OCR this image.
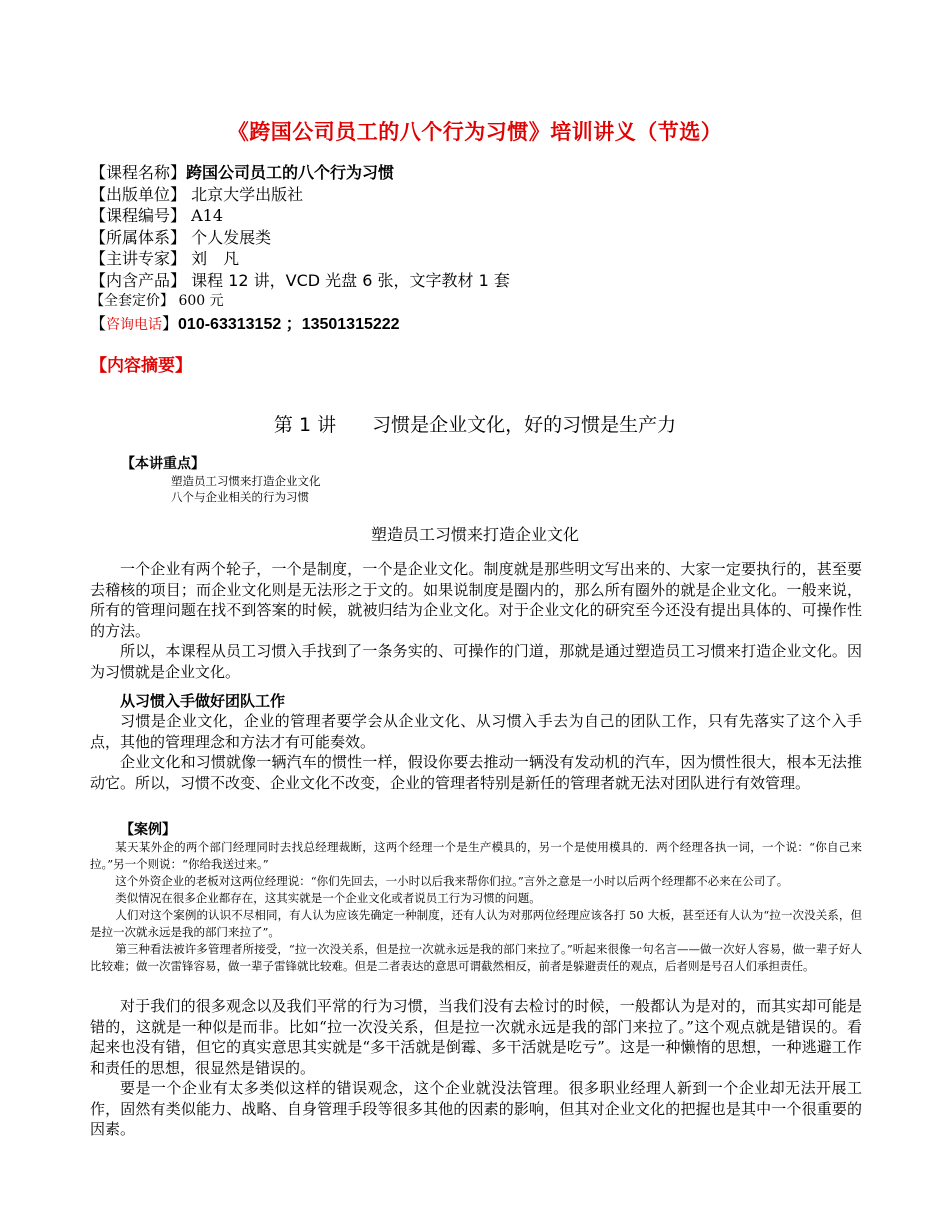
《跨国公司员工的八个行为习惯》培训讲义（节选）
【课程名称】跨国公司员工的八个行为习惯
【出版单位】 北京大学出版社
【课程编号】 A14
【所属体系】 个人发展类
【主讲专家】 刘　凡
【内含产品】 课程 12 讲，VCD 光盘 6 张，文字教材 1 套
【全套定价】 600 元
【咨询电话】010-63313152 ；13501315222
【内容摘要】
第 1 讲 习惯是企业文化，好的习惯是生产力
【本讲重点】
塑造员工习惯来打造企业文化
八个与企业相关的行为习惯
塑造员工习惯来打造企业文化

一个企业有两个轮子，一个是制度，一个是企业文化。制度就是那些明文写出来的、大家一定要执行的，甚至要去稽核的项目；而企业文化则是无法形之于文的。如果说制度是圈内的，那么所有圈外的就是企业文化。一般来说，所有的管理问题在找不到答案的时候，就被归结为企业文化。对于企业文化的研究至今还没有提出具体的、可操作性的方法。

所以，本课程从员工习惯入手找到了一条务实的、可操作的门道，那就是通过塑造员工习惯来打造企业文化。因为习惯就是企业文化。

从习惯入手做好团队工作

习惯是企业文化，企业的管理者要学会从企业文化、从习惯入手去为自己的团队工作，只有先落实了这个入手点，其他的管理理念和方法才有可能奏效。

企业文化和习惯就像一辆汽车的惯性一样，假设你要去推动一辆没有发动机的汽车，因为惯性很大，根本无法推动它。所以，习惯不改变、企业文化不改变，企业的管理者特别是新任的管理者就无法对团队进行有效管理。

【案例】

某天某外企的两个部门经理同时去找总经理裁断，这两个经理一个是生产模具的，另一个是使用模具的．两个经理各执一词，一个说：“你自己来拉。”另一个则说：“你给我送过来。”

这个外资企业的老板对这两位经理说：“你们先回去，一小时以后我来帮你们拉。”言外之意是一小时以后两个经理都不必来在公司了。

类似情况在很多企业都存在，这其实就是一个企业文化或者说员工行为习惯的问题。

人们对这个案例的认识不尽相同，有人认为应该先确定一种制度，还有人认为对那两位经理应该各打 50 大板，甚至还有人认为“拉一次没关系，但是拉一次就永远是我的部门来拉了”。

第三种看法被许多管理者所接受，“拉一次没关系，但是拉一次就永远是我的部门来拉了。”听起来很像一句名言——做一次好人容易，做一辈子好人比较难；做一次雷锋容易，做一辈子雷锋就比较难。但是二者表达的意思可谓截然相反，前者是躲避责任的观点，后者则是号召人们承担责任。

对于我们的很多观念以及我们平常的行为习惯，当我们没有去检讨的时候，一般都认为是对的，而其实却可能是错的，这就是一种似是而非。比如“拉一次没关系，但是拉一次就永远是我的部门来拉了。”这个观点就是错误的。看起来也没有错，但它的真实意思其实就是“多干活就是倒霉、多干活就是吃亏”。这是一种懒惰的思想，一种逃避工作和责任的思想，很显然是错误的。

要是一个企业有太多类似这样的错误观念，这个企业就没法管理。很多职业经理人新到一个企业却无法开展工作，固然有类似能力、战略、自身管理手段等很多其他的因素的影响，但其对企业文化的把握也是其中一个很重要的因素。
